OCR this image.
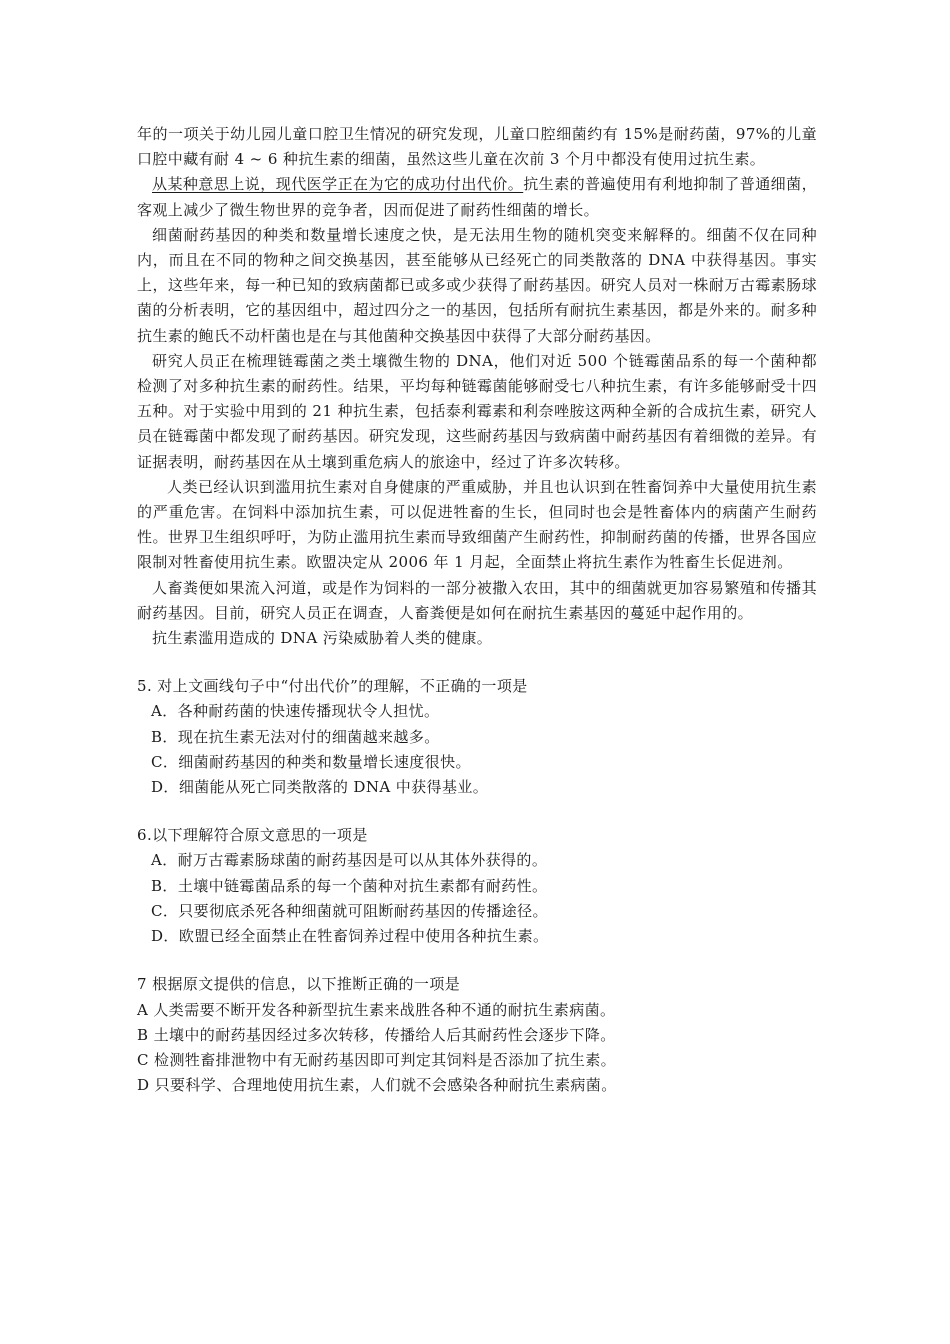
年的一项关于幼儿园儿童口腔卫生情况的研究发现，儿童口腔细菌约有 15%是耐药菌，97%的儿童口腔中藏有耐 4 ~ 6 种抗生素的细菌，虽然这些儿童在次前 3 个月中都没有使用过抗生素。

从某种意思上说，现代医学正在为它的成功付出代价。抗生素的普遍使用有利地抑制了普通细菌，客观上减少了微生物世界的竞争者，因而促进了耐药性细菌的增长。

细菌耐药基因的种类和数量增长速度之快，是无法用生物的随机突变来解释的。细菌不仅在同种内，而且在不同的物种之间交换基因，甚至能够从已经死亡的同类散落的 DNA 中获得基因。事实上，这些年来，每一种已知的致病菌都已或多或少获得了耐药基因。研究人员对一株耐万古霉素肠球菌的分析表明，它的基因组中，超过四分之一的基因，包括所有耐抗生素基因，都是外来的。耐多种抗生素的鲍氏不动杆菌也是在与其他菌种交换基因中获得了大部分耐药基因。

研究人员正在梳理链霉菌之类土壤微生物的 DNA，他们对近 500 个链霉菌品系的每一个菌种都检测了对多种抗生素的耐药性。结果，平均每种链霉菌能够耐受七八种抗生素，有许多能够耐受十四五种。对于实验中用到的 21 种抗生素，包括泰利霉素和利奈唑胺这两种全新的合成抗生素，研究人员在链霉菌中都发现了耐药基因。研究发现，这些耐药基因与致病菌中耐药基因有着细微的差异。有证据表明，耐药基因在从土壤到重危病人的旅途中，经过了许多次转移。

人类已经认识到滥用抗生素对自身健康的严重威胁，并且也认识到在牲畜饲养中大量使用抗生素的严重危害。在饲料中添加抗生素，可以促进牲畜的生长，但同时也会是牲畜体内的病菌产生耐药性。世界卫生组织呼吁，为防止滥用抗生素而导致细菌产生耐药性，抑制耐药菌的传播，世界各国应限制对牲畜使用抗生素。欧盟决定从 2006 年 1 月起，全面禁止将抗生素作为牲畜生长促进剂。

人畜粪便如果流入河道，或是作为饲料的一部分被撒入农田，其中的细菌就更加容易繁殖和传播其耐药基因。目前，研究人员正在调查，人畜粪便是如何在耐抗生素基因的蔓延中起作用的。

抗生素滥用造成的 DNA 污染威胁着人类的健康。

5. 对上文画线句子中“付出代价”的理解，不正确的一项是

A．各种耐药菌的快速传播现状令人担忧。

B．现在抗生素无法对付的细菌越来越多。

C．细菌耐药基因的种类和数量增长速度很快。

D．细菌能从死亡同类散落的 DNA 中获得基业。

6.以下理解符合原文意思的一项是

A．耐万古霉素肠球菌的耐药基因是可以从其体外获得的。

B．土壤中链霉菌品系的每一个菌种对抗生素都有耐药性。

C．只要彻底杀死各种细菌就可阻断耐药基因的传播途径。

D．欧盟已经全面禁止在牲畜饲养过程中使用各种抗生素。

7 根据原文提供的信息，以下推断正确的一项是

A 人类需要不断开发各种新型抗生素来战胜各种不通的耐抗生素病菌。

B 土壤中的耐药基因经过多次转移，传播给人后其耐药性会逐步下降。

C 检测牲畜排泄物中有无耐药基因即可判定其饲料是否添加了抗生素。

D 只要科学、合理地使用抗生素，人们就不会感染各种耐抗生素病菌。
